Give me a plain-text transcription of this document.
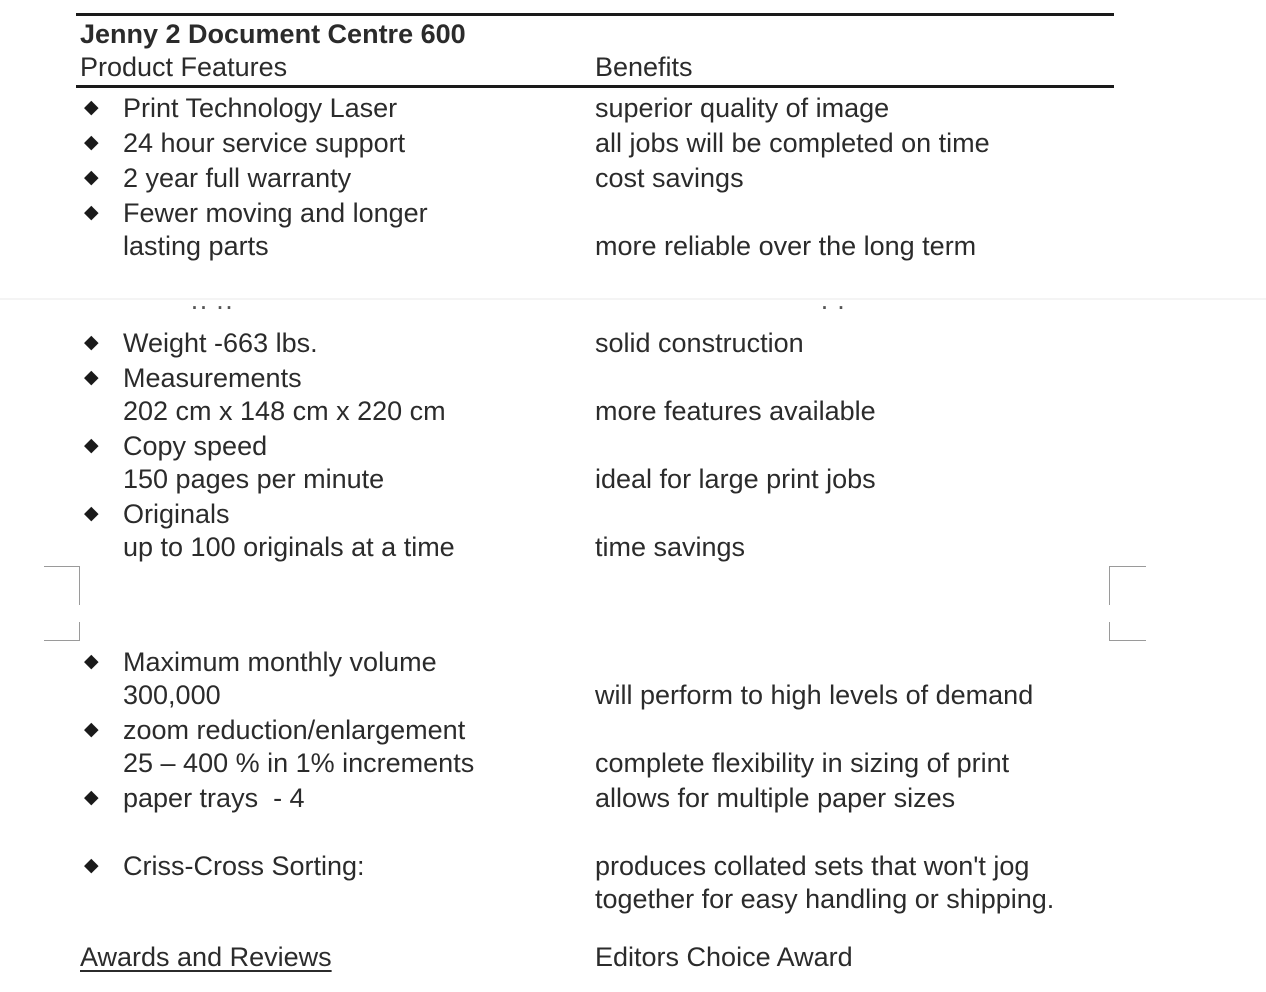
Jenny 2 Document Centre 600
Product Features	Benefits
◆ Print Technology Laser	superior quality of image
◆ 24 hour service support	all jobs will be completed on time
◆ 2 year full warranty	cost savings
◆ Fewer moving and longer
lasting parts	more reliable over the long term
·· ··	· ·
◆ Weight -663 lbs.	solid construction
◆ Measurements
202 cm x 148 cm x 220 cm	more features available
◆ Copy speed
150 pages per minute	ideal for large print jobs
◆ Originals
up to 100 originals at a time	time savings
◆ Maximum monthly volume
300,000	will perform to high levels of demand
◆ zoom reduction/enlargement
25 – 400 % in 1% increments	complete flexibility in sizing of print
◆ paper trays  - 4	allows for multiple paper sizes
◆ Criss-Cross Sorting:	produces collated sets that won't jog
together for easy handling or shipping.
Awards and Reviews	Editors Choice Award
